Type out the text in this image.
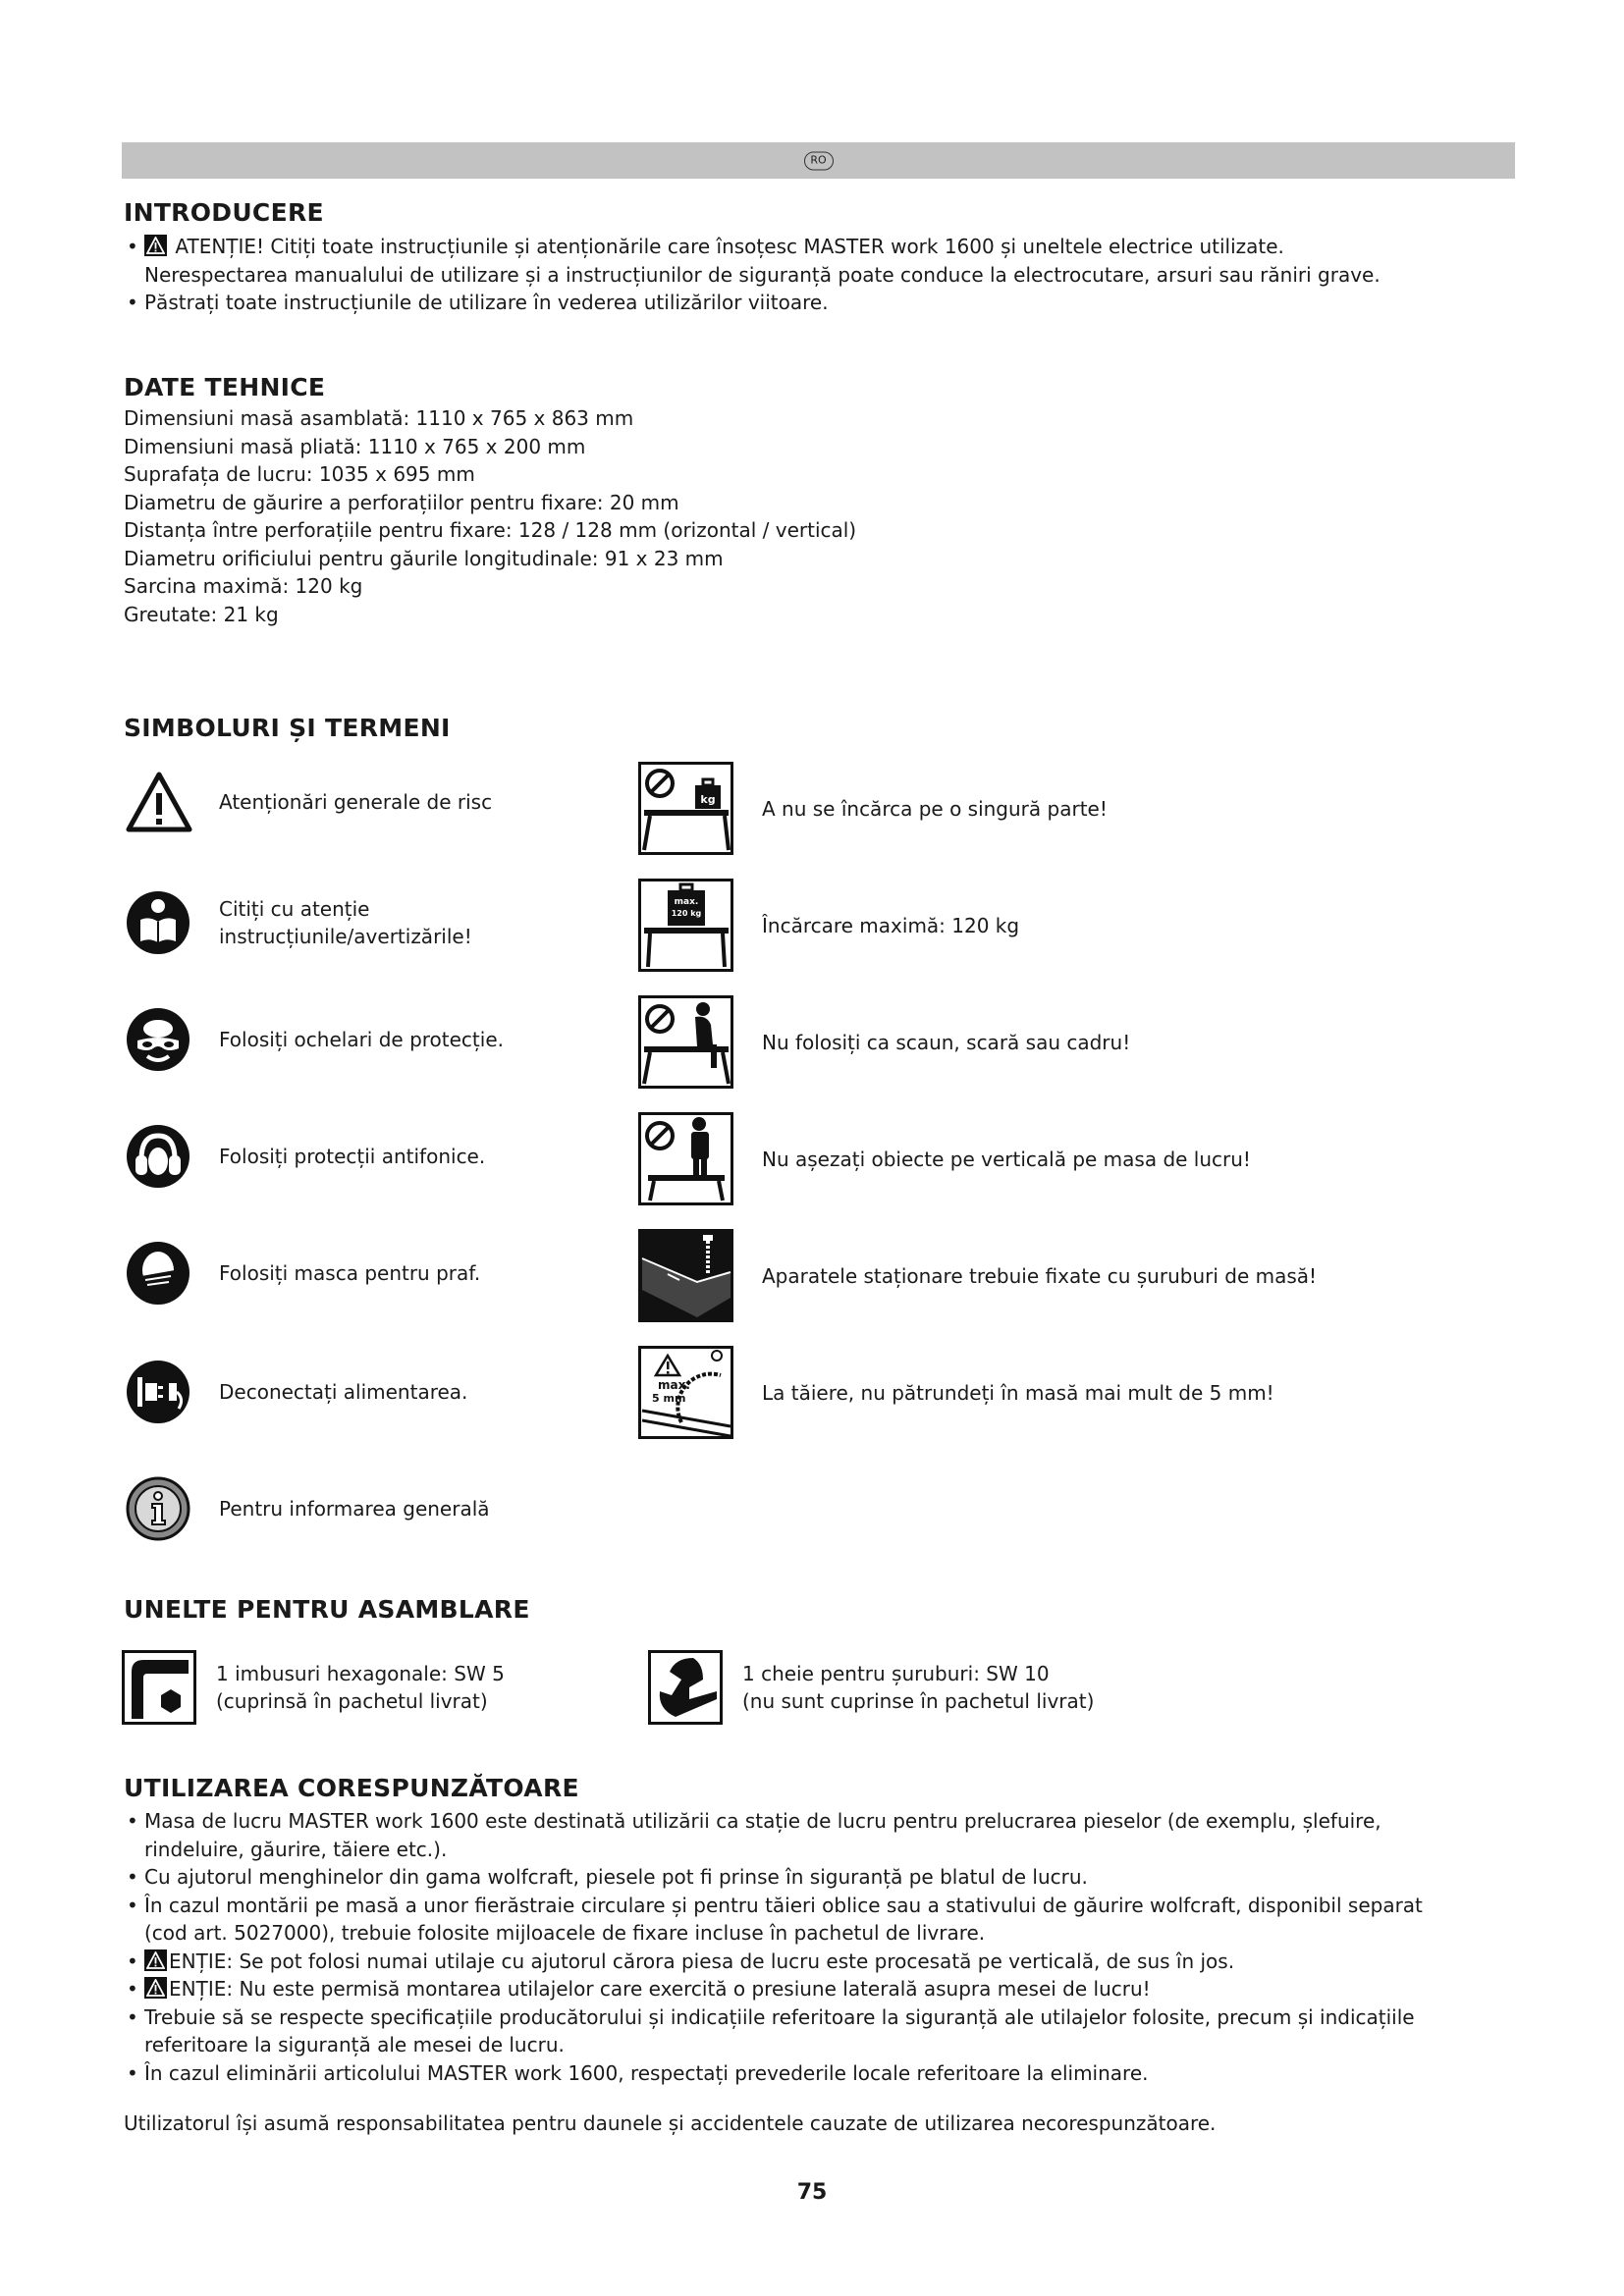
RO
INTRODUCERE
• ATENȚIE! Citiți toate instrucțiunile și atenționările care însoțesc MASTER work 1600 și uneltele electrice utilizate.
Nerespectarea manualului de utilizare și a instrucțiunilor de siguranță poate conduce la electrocutare, arsuri sau răniri grave.
• Păstrați toate instrucțiunile de utilizare în vederea utilizărilor viitoare.
DATE TEHNICE
Dimensiuni masă asamblată: 1110 x 765 x 863 mm
Dimensiuni masă pliată: 1110 x 765 x 200 mm
Suprafața de lucru: 1035 x 695 mm
Diametru de găurire a perforațiilor pentru fixare: 20 mm
Distanța între perforațiile pentru fixare: 128 / 128 mm (orizontal / vertical)
Diametru orificiului pentru găurile longitudinale: 91 x 23 mm
Sarcina maximă: 120 kg
Greutate: 21 kg
SIMBOLURI ȘI TERMENI
Atenționări generale de risc
Citiți cu atenție
instrucțiunile/avertizările!
Folosiți ochelari de protecție.
Folosiți protecții antifonice.
Folosiți masca pentru praf.
Deconectați alimentarea.
Pentru informarea generală
kg A nu se încărca pe o singură parte!
max.
120 kg	Încărcare maximă: 120 kg
Nu folosiți ca scaun, scară sau cadru!
Nu așezați obiecte pe verticală pe masa de lucru!
Aparatele staționare trebuie fixate cu șuruburi de masă!
max.
5 mm	La tăiere, nu pătrundeți în masă mai mult de 5 mm!
UNELTE PENTRU ASAMBLARE
1 imbusuri hexagonale: SW 5
(cuprinsă în pachetul livrat)
1 cheie pentru șuruburi: SW 10
(nu sunt cuprinse în pachetul livrat)
UTILIZAREA CORESPUNZĂTOARE
• Masa de lucru MASTER work 1600 este destinată utilizării ca stație de lucru pentru prelucrarea pieselor (de exemplu, șlefuire,
rindeluire, găurire, tăiere etc.).
• Cu ajutorul menghinelor din gama wolfcraft, piesele pot fi prinse în siguranță pe blatul de lucru.
• În cazul montării pe masă a unor fierăstraie circulare și pentru tăieri oblice sau a stativului de găurire wolfcraft, disponibil separat
(cod art. 5027000), trebuie folosite mijloacele de fixare incluse în pachetul de livrare.
• ENȚIE: Se pot folosi numai utilaje cu ajutorul cărora piesa de lucru este procesată pe verticală, de sus în jos.
• ENȚIE: Nu este permisă montarea utilajelor care exercită o presiune laterală asupra mesei de lucru!
• Trebuie să se respecte specificațiile producătorului și indicațiile referitoare la siguranță ale utilajelor folosite, precum și indicațiile
referitoare la siguranță ale mesei de lucru.
• În cazul eliminării articolului MASTER work 1600, respectați prevederile locale referitoare la eliminare.
Utilizatorul își asumă responsabilitatea pentru daunele și accidentele cauzate de utilizarea necorespunzătoare.
75
